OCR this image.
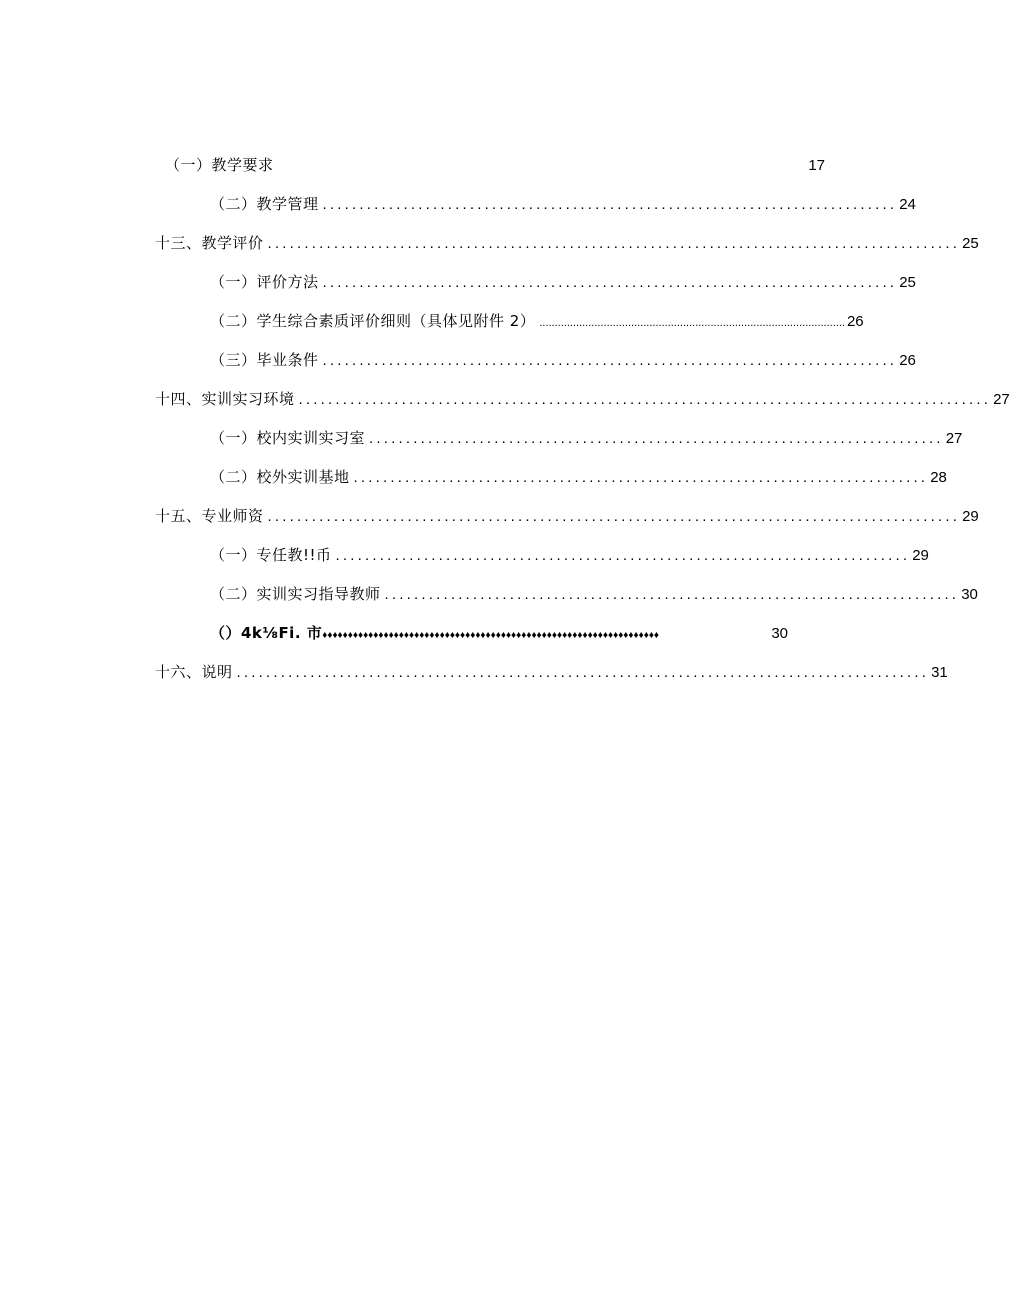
（一）教学要求	17
（二）教学管理 .............................................................................. 24
十三、教学评价 .............................................................................................. 25
（一）评价方法 .............................................................................. 25
（二）学生综合素质评价细则（具体见附件 2） .................................................................................................... 26
（三）毕业条件 .............................................................................. 26
十四、实训实习环境 .............................................................................................. 27
（一）校内实训实习室 .............................................................................. 27
（二）校外实训基地 .............................................................................. 28
十五、专业师资 .............................................................................................. 29
（一）专任教!!币 .............................................................................. 29
（二）实训实习指导教师 .............................................................................. 30
（）4k⅛Fi. 市 ♦♦♦♦♦♦♦♦♦♦♦♦♦♦♦♦♦♦♦♦♦♦♦♦♦♦♦♦♦♦♦♦♦♦♦♦♦♦♦♦♦♦♦♦♦♦♦♦♦♦♦♦♦♦♦♦♦♦♦♦♦♦♦♦♦♦	30
十六、说明 .............................................................................................. 31
